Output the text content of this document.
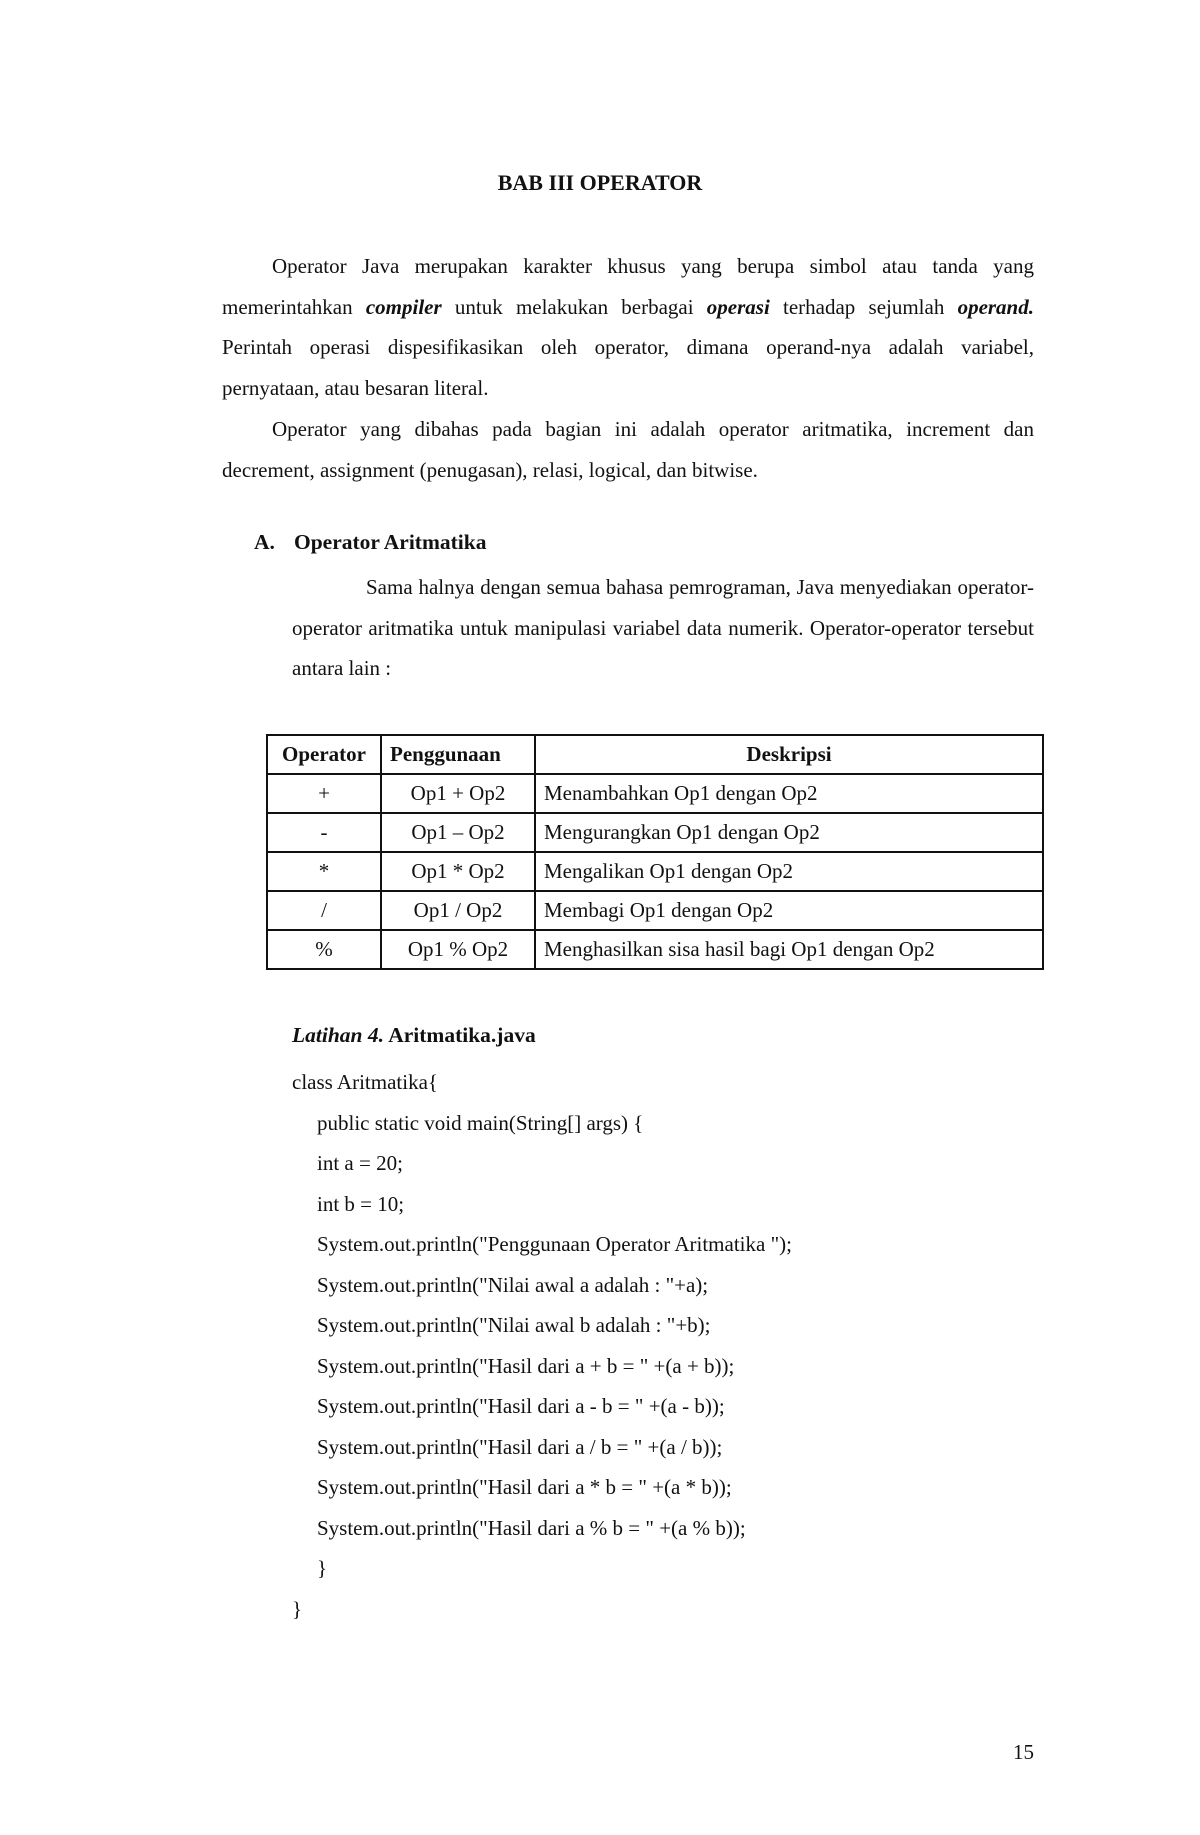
BAB III OPERATOR
Operator Java merupakan karakter khusus yang berupa simbol atau tanda yang memerintahkan compiler untuk melakukan berbagai operasi terhadap sejumlah operand. Perintah operasi dispesifikasikan oleh operator, dimana operand-nya adalah variabel, pernyataan, atau besaran literal.
Operator yang dibahas pada bagian ini adalah operator aritmatika, increment dan decrement, assignment (penugasan), relasi, logical, dan bitwise.
A. Operator Aritmatika
Sama halnya dengan semua bahasa pemrograman, Java menyediakan operator-operator aritmatika untuk manipulasi variabel data numerik. Operator-operator tersebut antara lain :
Operator	Penggunaan	Deskripsi
+	Op1 + Op2	Menambahkan Op1 dengan Op2
-	Op1 – Op2	Mengurangkan Op1 dengan Op2
*	Op1 * Op2	Mengalikan Op1 dengan Op2
/	Op1 / Op2	Membagi Op1 dengan Op2
%	Op1 % Op2	Menghasilkan sisa hasil bagi Op1 dengan Op2
Latihan 4. Aritmatika.java
class Aritmatika{
public static void main(String[] args) {
int a = 20;
int b = 10;
System.out.println("Penggunaan Operator Aritmatika ");
System.out.println("Nilai awal a adalah : "+a);
System.out.println("Nilai awal b adalah : "+b);
System.out.println("Hasil dari a + b = " +(a + b));
System.out.println("Hasil dari a - b = " +(a - b));
System.out.println("Hasil dari a / b = " +(a / b));
System.out.println("Hasil dari a * b = " +(a * b));
System.out.println("Hasil dari a % b = " +(a % b));
}
}
15
